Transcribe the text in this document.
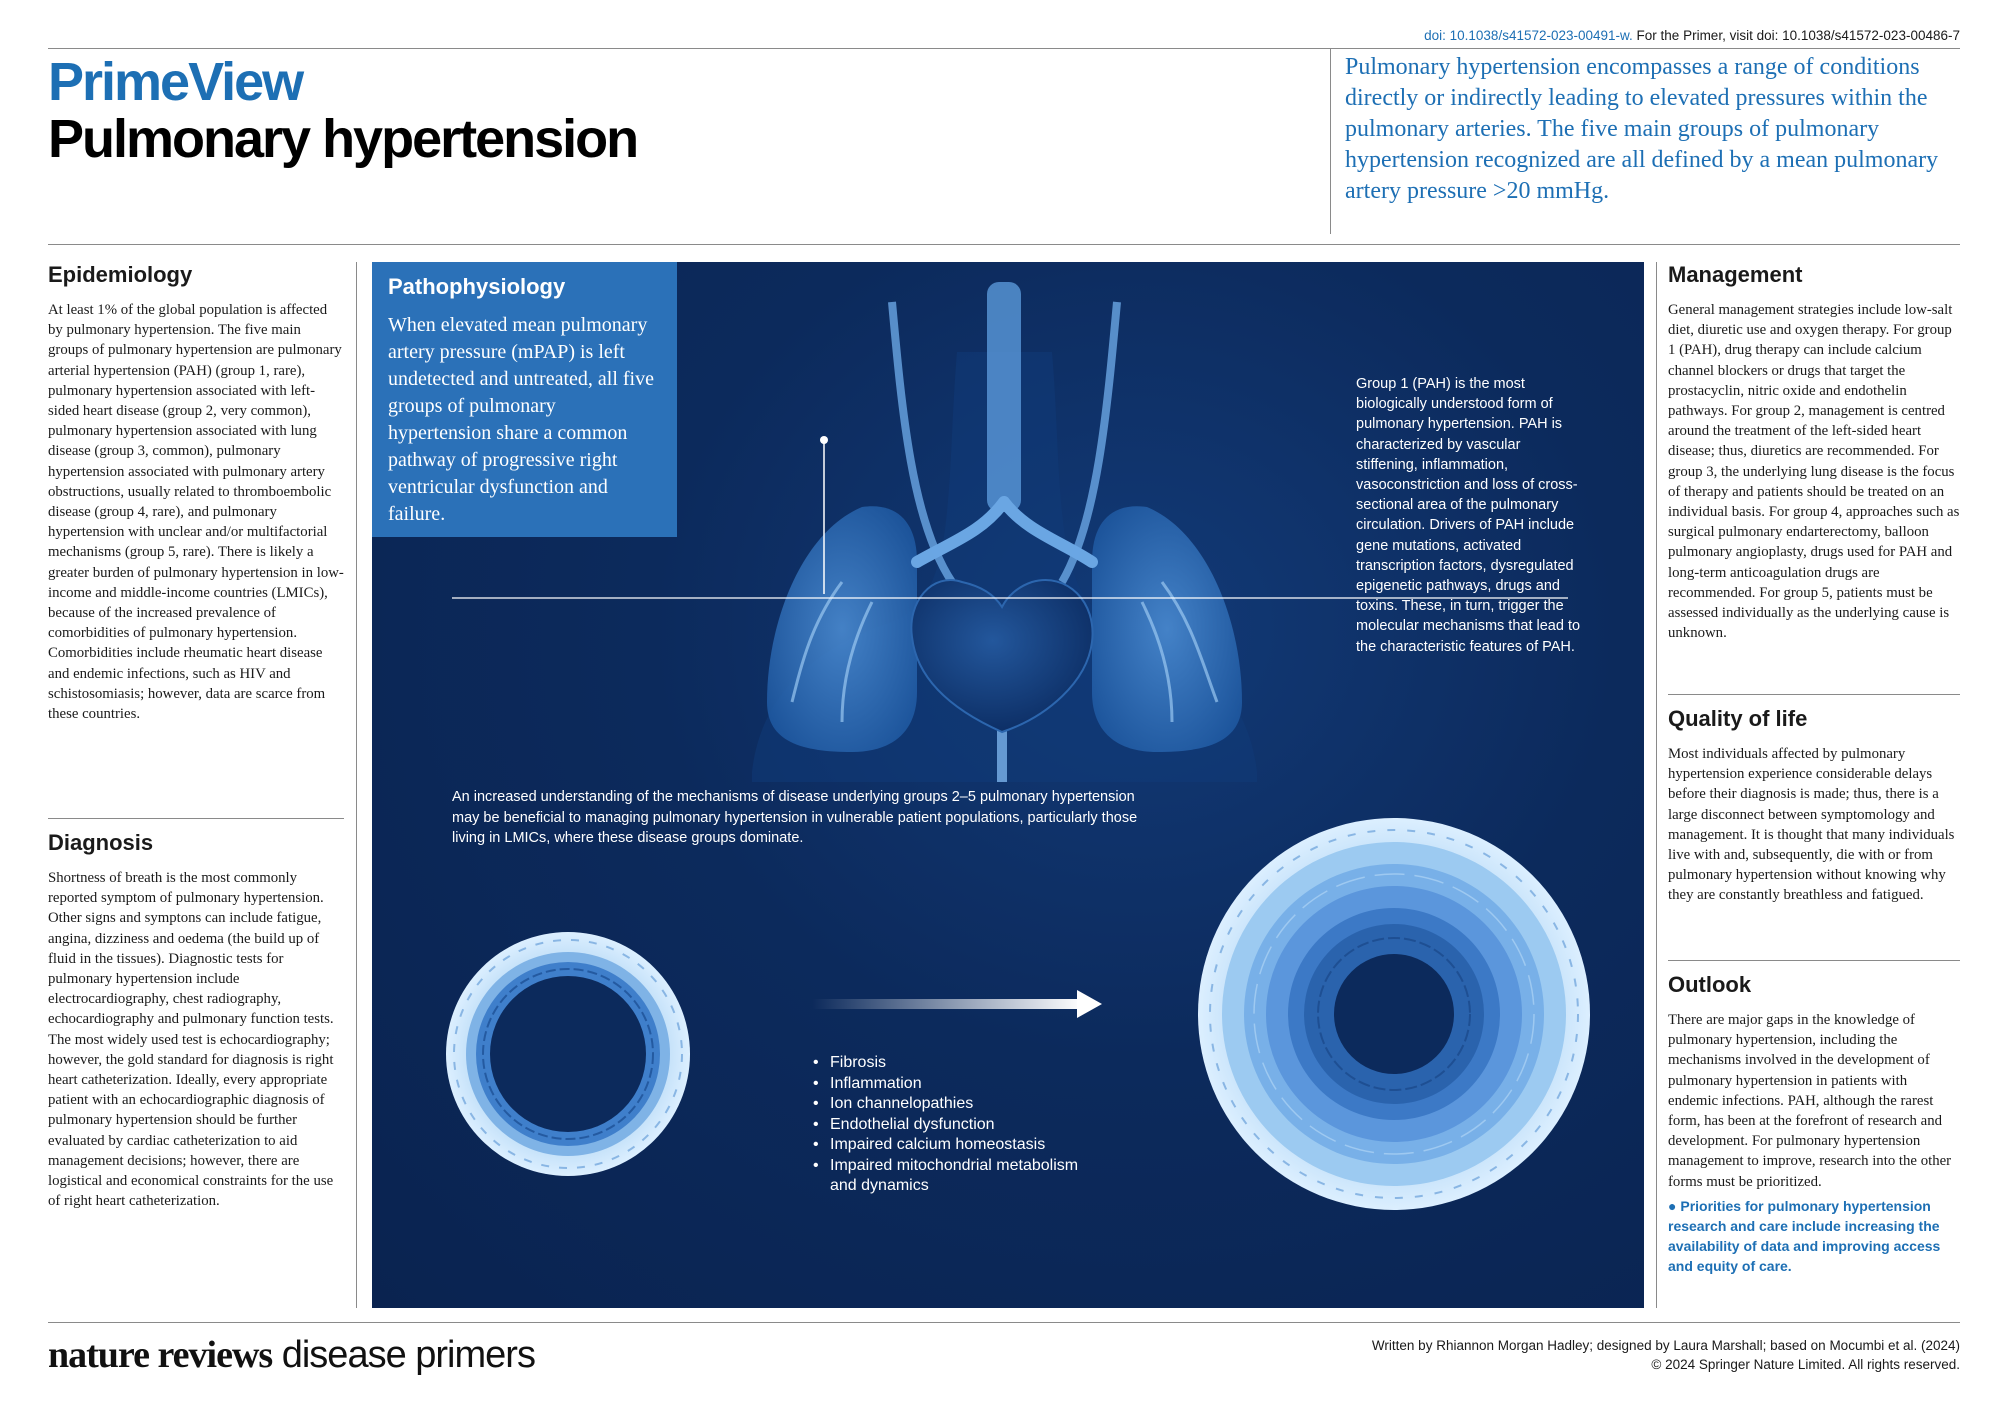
doi: 10.1038/s41572-023-00491-w. For the Primer, visit doi: 10.1038/s41572-023-00486-7
PrimeView
Pulmonary hypertension
Pulmonary hypertension encompasses a range of conditions directly or indirectly leading to elevated pressures within the pulmonary arteries. The five main groups of pulmonary hypertension recognized are all defined by a mean pulmonary artery pressure >20 mmHg.
Epidemiology

At least 1% of the global population is affected by pulmonary hypertension. The five main groups of pulmonary hypertension are pulmonary arterial hypertension (PAH) (group 1, rare), pulmonary hypertension associated with left-sided heart disease (group 2, very common), pulmonary hypertension associated with lung disease (group 3, common), pulmonary hypertension associated with pulmonary artery obstructions, usually related to thromboembolic disease (group 4, rare), and pulmonary hypertension with unclear and/or multifactorial mechanisms (group 5, rare). There is likely a greater burden of pulmonary hypertension in low-income and middle-income countries (LMICs), because of the increased prevalence of comorbidities of pulmonary hypertension. Comorbidities include rheumatic heart disease and endemic infections, such as HIV and schistosomiasis; however, data are scarce from these countries.

Diagnosis

Shortness of breath is the most commonly reported symptom of pulmonary hypertension. Other signs and symptons can include fatigue, angina, dizziness and oedema (the build up of fluid in the tissues). Diagnostic tests for pulmonary hypertension include electrocardiography, chest radiography, echocardiography and pulmonary function tests. The most widely used test is echocardiography; however, the gold standard for diagnosis is right heart catheterization. Ideally, every appropriate patient with an echocardiographic diagnosis of pulmonary hypertension should be further evaluated by cardiac catheterization to aid management decisions; however, there are logistical and economical constraints for the use of right heart catheterization.

Pathophysiology

When elevated mean pulmonary artery pressure (mPAP) is left undetected and untreated, all five groups of pulmonary hypertension share a common pathway of progressive right ventricular dysfunction and failure.

Group 1 (PAH) is the most biologically understood form of pulmonary hypertension. PAH is characterized by vascular stiffening, inflammation, vasoconstriction and loss of cross-sectional area of the pulmonary circulation. Drivers of PAH include gene mutations, activated transcription factors, dysregulated epigenetic pathways, drugs and toxins. These, in turn, trigger the molecular mechanisms that lead to the characteristic features of PAH.
An increased understanding of the mechanisms of disease underlying groups 2–5 pulmonary hypertension may be beneficial to managing pulmonary hypertension in vulnerable patient populations, particularly those living in LMICs, where these disease groups dominate.
• Fibrosis
• Inflammation
• Ion channelopathies
• Endothelial dysfunction
• Impaired calcium homeostasis
• Impaired mitochondrial metabolism
and dynamics
Management

General management strategies include low-salt diet, diuretic use and oxygen therapy. For group 1 (PAH), drug therapy can include calcium channel blockers or drugs that target the prostacyclin, nitric oxide and endothelin pathways. For group 2, management is centred around the treatment of the left-sided heart disease; thus, diuretics are recommended. For group 3, the underlying lung disease is the focus of therapy and patients should be treated on an individual basis. For group 4, approaches such as surgical pulmonary endarterectomy, balloon pulmonary angioplasty, drugs used for PAH and long-term anticoagulation drugs are recommended. For group 5, patients must be assessed individually as the underlying cause is unknown.

Quality of life

Most individuals affected by pulmonary hypertension experience considerable delays before their diagnosis is made; thus, there is a large disconnect between symptomology and management. It is thought that many individuals live with and, subsequently, die with or from pulmonary hypertension without knowing why they are constantly breathless and fatigued.

Outlook

There are major gaps in the knowledge of pulmonary hypertension, including the mechanisms involved in the development of pulmonary hypertension in patients with endemic infections. PAH, although the rarest form, has been at the forefront of research and development. For pulmonary hypertension management to improve, research into the other forms must be prioritized.

● Priorities for pulmonary hypertension research and care include increasing the availability of data and improving access and equity of care.

nature reviews disease primers	Written by Rhiannon Morgan Hadley; designed by Laura Marshall; based on Mocumbi et al. (2024)
© 2024 Springer Nature Limited. All rights reserved.
